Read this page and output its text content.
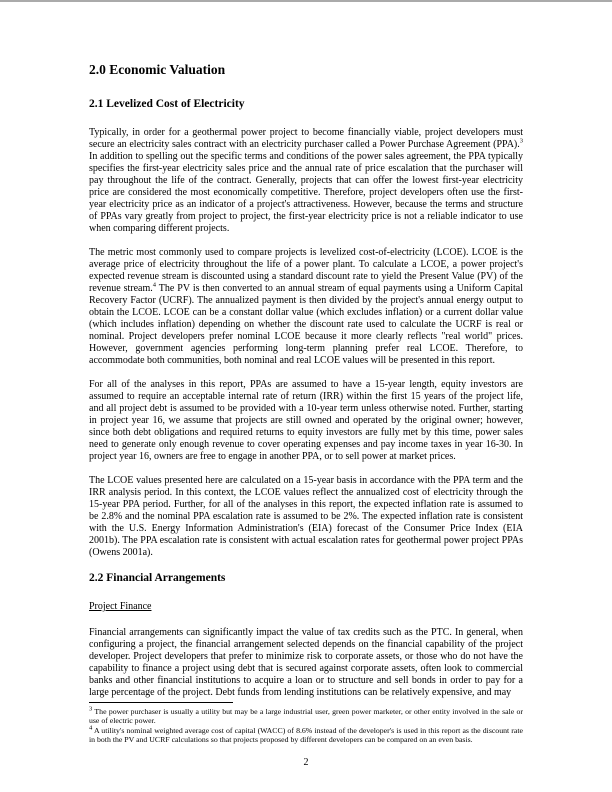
2.0 Economic Valuation
2.1 Levelized Cost of Electricity

Typically, in order for a geothermal power project to become financially viable, project developers must secure an electricity sales contract with an electricity purchaser called a Power Purchase Agreement (PPA).$^3$ In addition to spelling out the specific terms and conditions of the power sales agreement, the PPA typically specifies the first-year electricity sales price and the annual rate of price escalation that the purchaser will pay throughout the life of the contract. Generally, projects that can offer the lowest first-year electricity price are considered the most economically competitive. Therefore, project developers often use the first-year electricity price as an indicator of a project's attractiveness. However, because the terms and structure of PPAs vary greatly from project to project, the first-year electricity price is not a reliable indicator to use when comparing different projects.

The metric most commonly used to compare projects is levelized cost-of-electricity (LCOE). LCOE is the average price of electricity throughout the life of a power plant. To calculate a LCOE, a power project's expected revenue stream is discounted using a standard discount rate to yield the Present Value (PV) of the revenue stream.$^4$ The PV is then converted to an annual stream of equal payments using a Uniform Capital Recovery Factor (UCRF). The annualized payment is then divided by the project's annual energy output to obtain the LCOE. LCOE can be a constant dollar value (which excludes inflation) or a current dollar value (which includes inflation) depending on whether the discount rate used to calculate the UCRF is real or nominal. Project developers prefer nominal LCOE because it more clearly reflects "real world" prices. However, government agencies performing long-term planning prefer real LCOE. Therefore, to accommodate both communities, both nominal and real LCOE values will be presented in this report.

For all of the analyses in this report, PPAs are assumed to have a 15-year length, equity investors are assumed to require an acceptable internal rate of return (IRR) within the first 15 years of the project life, and all project debt is assumed to be provided with a 10-year term unless otherwise noted. Further, starting in project year 16, we assume that projects are still owned and operated by the original owner; however, since both debt obligations and required returns to equity investors are fully met by this time, power sales need to generate only enough revenue to cover operating expenses and pay income taxes in year 16-30. In project year 16, owners are free to engage in another PPA, or to sell power at market prices.

The LCOE values presented here are calculated on a 15-year basis in accordance with the PPA term and the IRR analysis period. In this context, the LCOE values reflect the annualized cost of electricity through the 15-year PPA period. Further, for all of the analyses in this report, the expected inflation rate is assumed to be 2.8% and the nominal PPA escalation rate is assumed to be 2%. The expected inflation rate is consistent with the U.S. Energy Information Administration's (EIA) forecast of the Consumer Price Index (EIA 2001b). The PPA escalation rate is consistent with actual escalation rates for geothermal power project PPAs (Owens 2001a).

2.2 Financial Arrangements
Project Finance

Financial arrangements can significantly impact the value of tax credits such as the PTC. In general, when configuring a project, the financial arrangement selected depends on the financial capability of the project developer. Project developers that prefer to minimize risk to corporate assets, or those who do not have the capability to finance a project using debt that is secured against corporate assets, often look to commercial banks and other financial institutions to acquire a loan or to structure and sell bonds in order to pay for a large percentage of the project. Debt funds from lending institutions can be relatively expensive, and may

$^3$ The power purchaser is usually a utility but may be a large industrial user, green power marketer, or other entity involved in the sale or use of electric power.
$^4$ A utility's nominal weighted average cost of capital (WACC) of 8.6% instead of the developer's is used in this report as the discount rate in both the PV and UCRF calculations so that projects proposed by different developers can be compared on an even basis.
2
